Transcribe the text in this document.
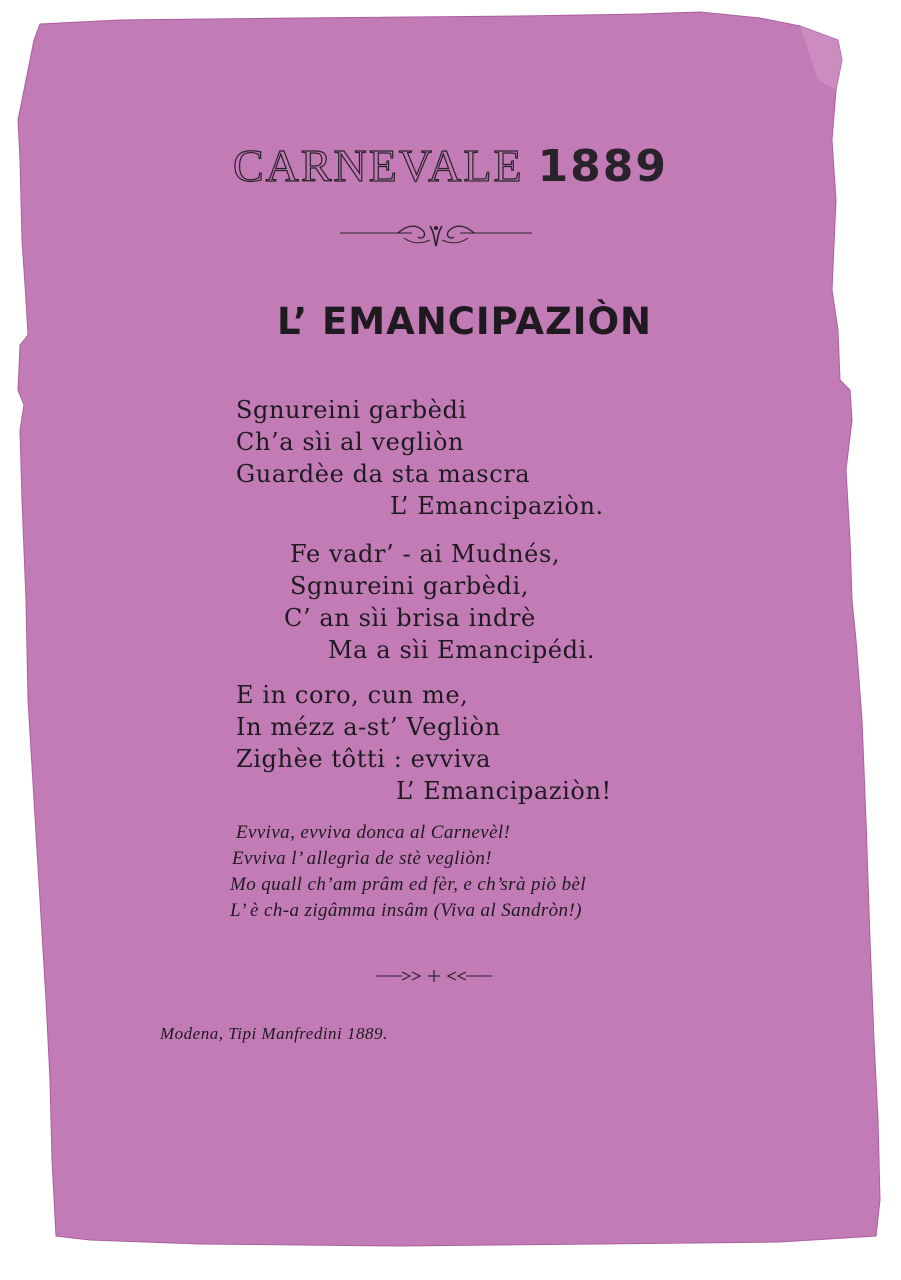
CARNEVALE 1889
L’ EMANCIPAZIÒN
Sgnureini garbèdi
Ch’a sìi al vegliòn
Guardèe da sta mascra
L’ Emancipaziòn.
Fe vadr’ - ai Mudnés,
Sgnureini garbèdi,
C’ an sìi brisa indrè
Ma a sìi Emancipédi.
E in coro, cun me,
In mézz a-st’ Vegliòn
Zighèe tôtti : evviva
L’ Emancipaziòn!
Evviva, evviva donca al Carnevèl!
Evviva l’ allegrìa de stè vegliòn!
Mo quall ch’am prâm ed fèr, e ch’srà piò bèl
L’ è ch-a zigâmma insâm (Viva al Sandròn!)
Modena, Tipi Manfredini 1889.
